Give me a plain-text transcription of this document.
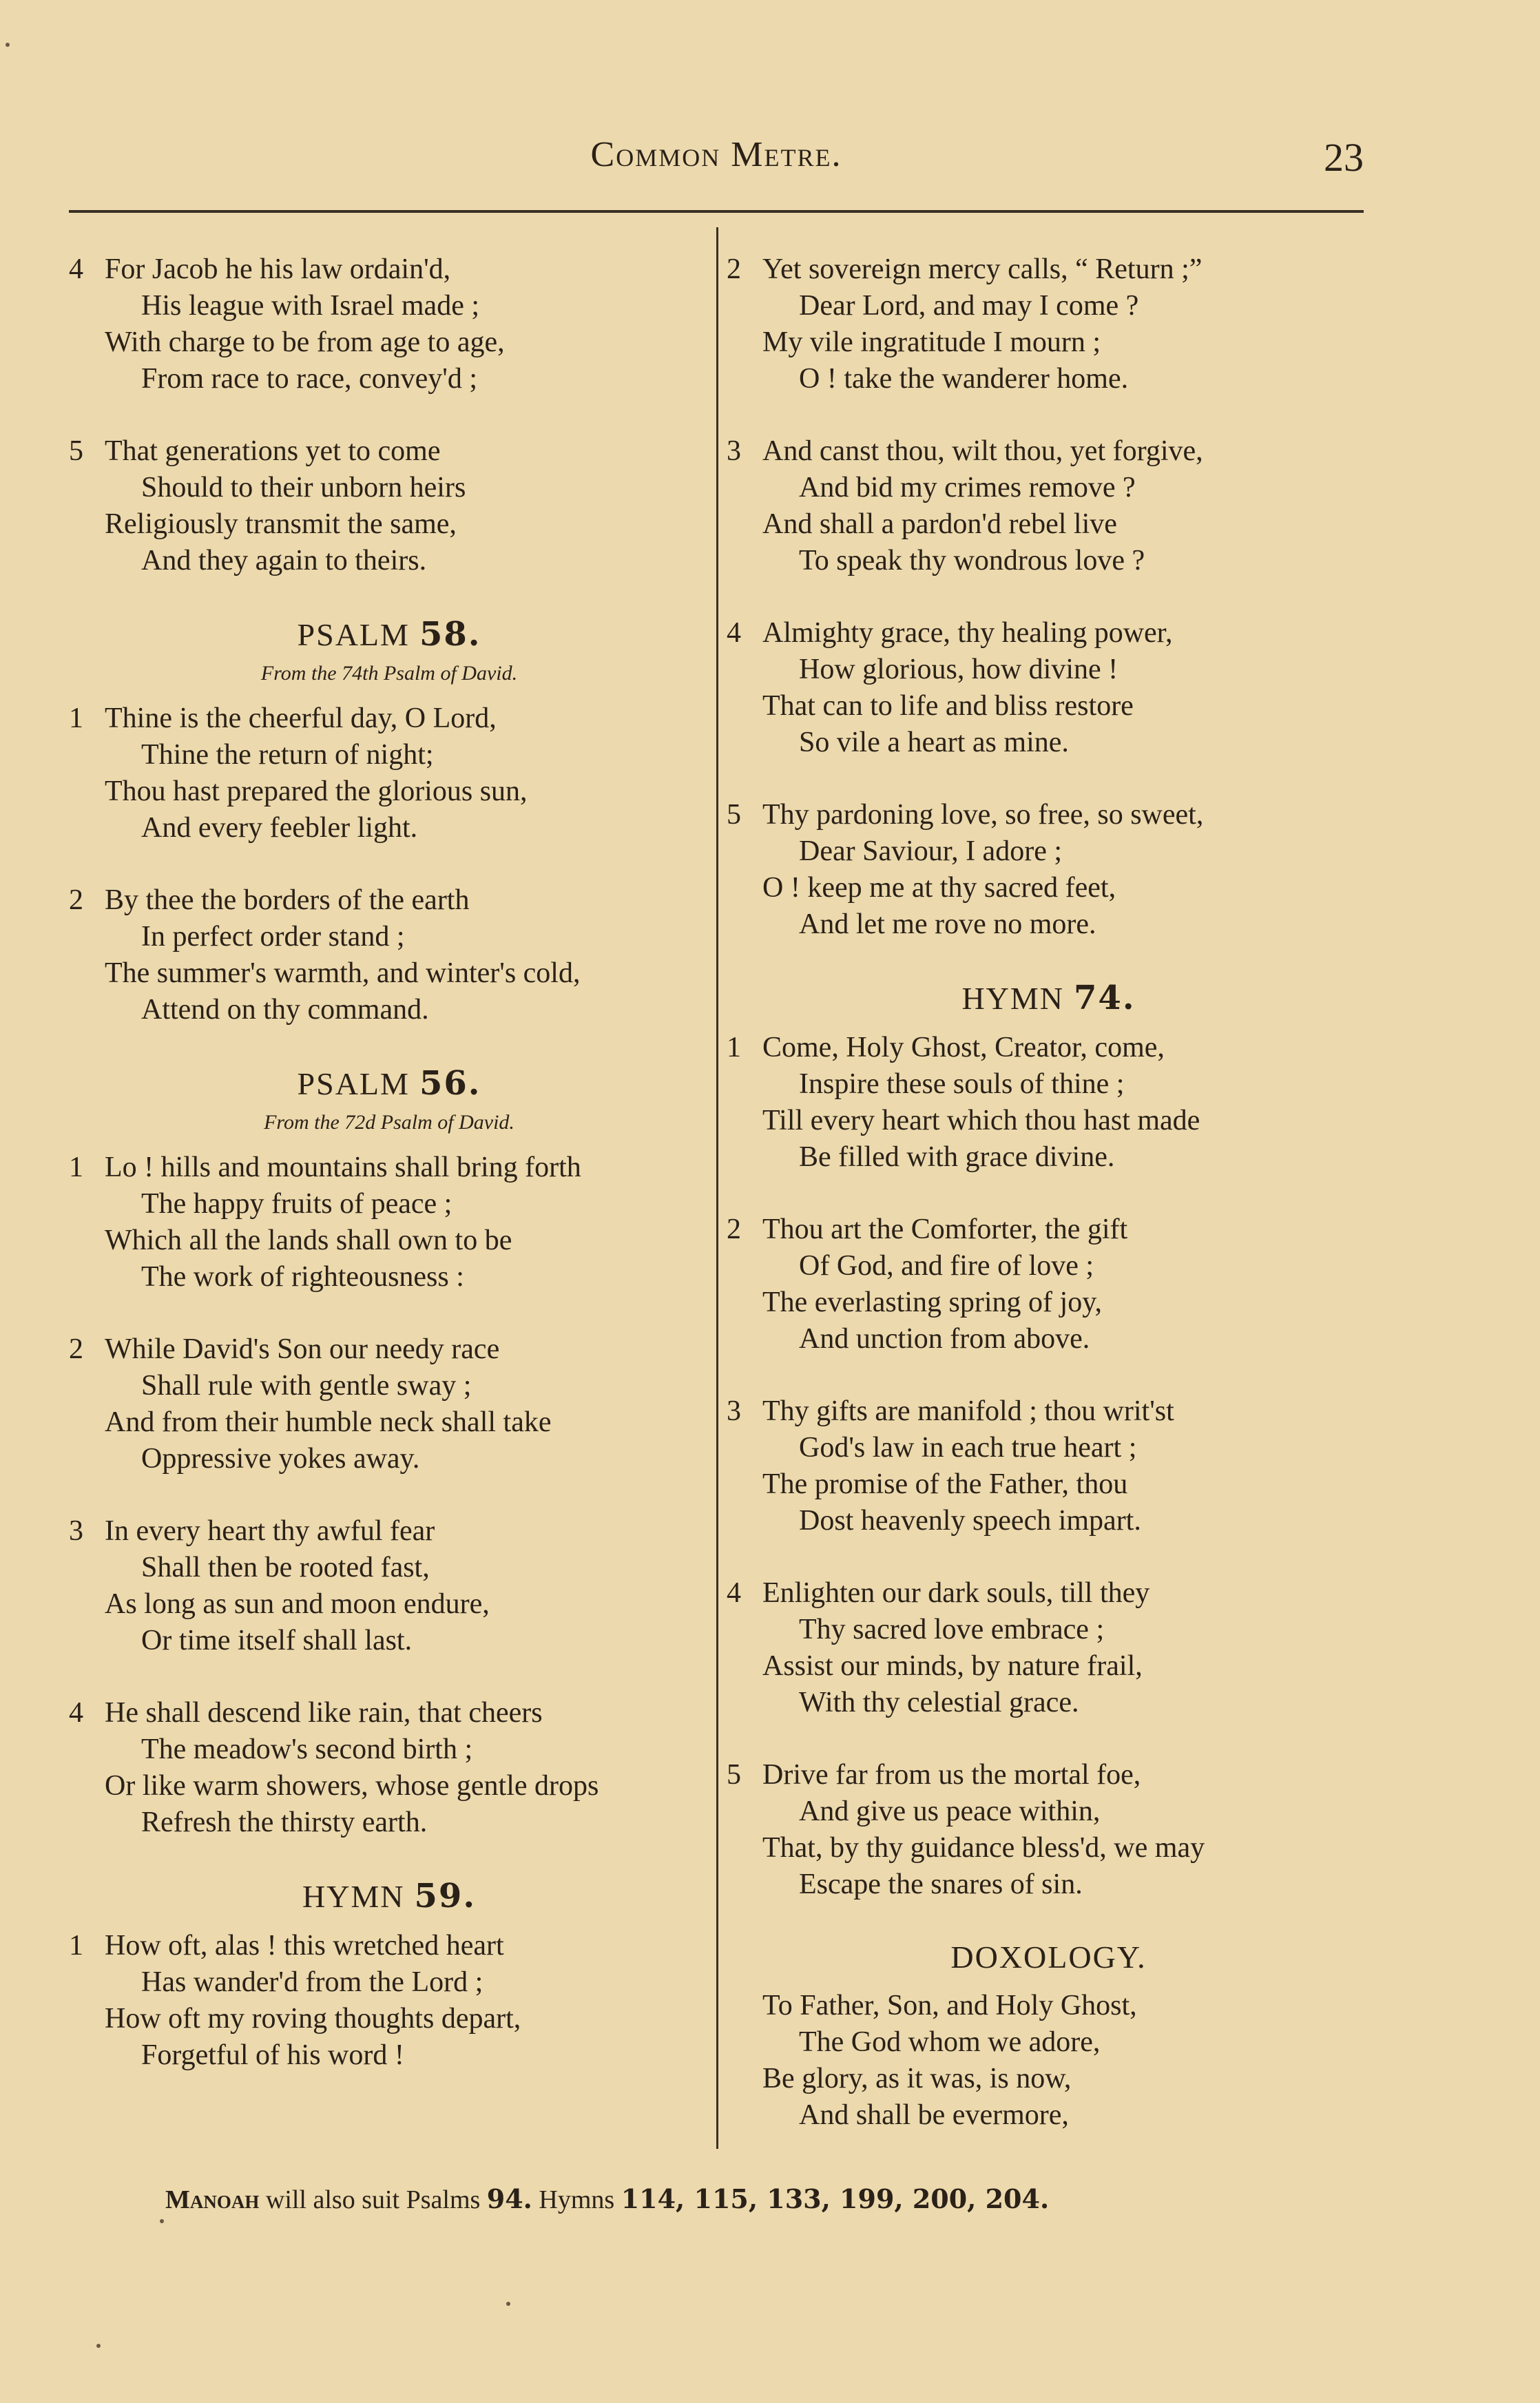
Common Metre.	23
4 For Jacob he his law ordain'd,
His league with Israel made ;
With charge to be from age to age,
From race to race, convey'd ;
5 That generations yet to come
Should to their unborn heirs
Religiously transmit the same,
And they again to theirs.
PSALM 58.
From the 74th Psalm of David.
1 Thine is the cheerful day, O Lord,
Thine the return of night;
Thou hast prepared the glorious sun,
And every feebler light.
2 By thee the borders of the earth
In perfect order stand ;
The summer's warmth, and winter's cold,
Attend on thy command.
PSALM 56.
From the 72d Psalm of David.
1 Lo ! hills and mountains shall bring forth
The happy fruits of peace ;
Which all the lands shall own to be
The work of righteousness :
2 While David's Son our needy race
Shall rule with gentle sway ;
And from their humble neck shall take
Oppressive yokes away.
3 In every heart thy awful fear
Shall then be rooted fast,
As long as sun and moon endure,
Or time itself shall last.
4 He shall descend like rain, that cheers
The meadow's second birth ;
Or like warm showers, whose gentle drops
Refresh the thirsty earth.
HYMN 59.
1 How oft, alas ! this wretched heart
Has wander'd from the Lord ;
How oft my roving thoughts depart,
Forgetful of his word !
2 Yet sovereign mercy calls, “ Return ;”
Dear Lord, and may I come ?
My vile ingratitude I mourn ;
O ! take the wanderer home.
3 And canst thou, wilt thou, yet forgive,
And bid my crimes remove ?
And shall a pardon'd rebel live
To speak thy wondrous love ?
4 Almighty grace, thy healing power,
How glorious, how divine !
That can to life and bliss restore
So vile a heart as mine.
5 Thy pardoning love, so free, so sweet,
Dear Saviour, I adore ;
O ! keep me at thy sacred feet,
And let me rove no more.
HYMN 74.
1 Come, Holy Ghost, Creator, come,
Inspire these souls of thine ;
Till every heart which thou hast made
Be filled with grace divine.
2 Thou art the Comforter, the gift
Of God, and fire of love ;
The everlasting spring of joy,
And unction from above.
3 Thy gifts are manifold ; thou writ'st
God's law in each true heart ;
The promise of the Father, thou
Dost heavenly speech impart.
4 Enlighten our dark souls, till they
Thy sacred love embrace ;
Assist our minds, by nature frail,
With thy celestial grace.
5 Drive far from us the mortal foe,
And give us peace within,
That, by thy guidance bless'd, we may
Escape the snares of sin.
DOXOLOGY.
To Father, Son, and Holy Ghost,
The God whom we adore,
Be glory, as it was, is now,
And shall be evermore,
Manoah will also suit Psalms 94. Hymns 114, 115, 133, 199, 200, 204.
